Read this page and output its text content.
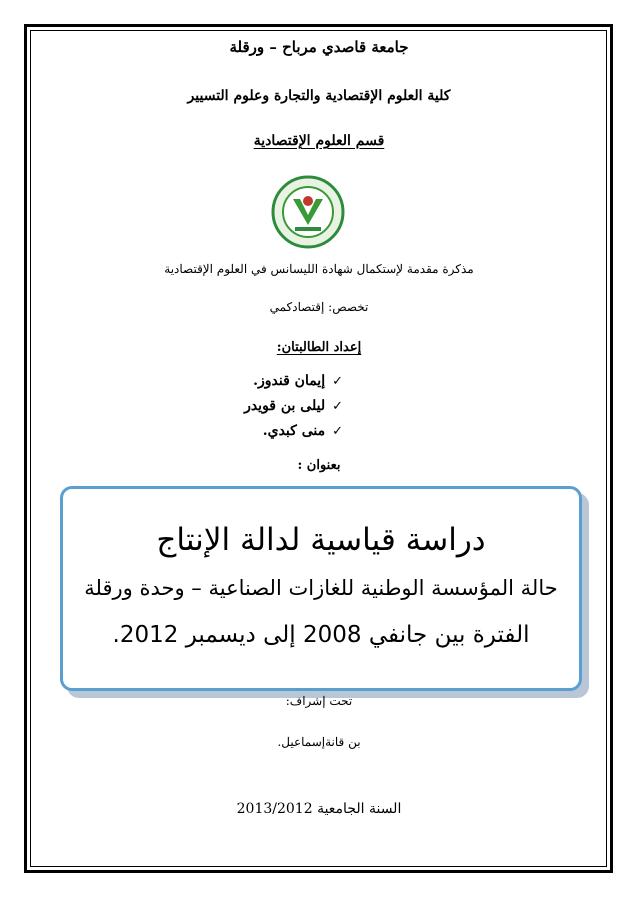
جامعة قاصدي مرباح – ورقلة
كلية العلوم الإقتصادية والتجارة وعلوم التسيير
قسم العلوم الإقتصادية
مذكرة مقدمة لإستكمال شهادة الليسانس في العلوم الإقتصادية
تخصص: إقتصادكمي
إعداد الطالبتان:
✓إيمان قندوز.
✓ليلى بن قويدر
✓منى كبدي.
بعنوان :
دراسة قياسية لدالة الإنتاج
حالة المؤسسة الوطنية للغازات الصناعية – وحدة ورقلة
الفترة بين جانفي 2008 إلى ديسمبر 2012.
تحت إشراف:
بن قانةإسماعيل.
السنة الجامعية 2013/2012
